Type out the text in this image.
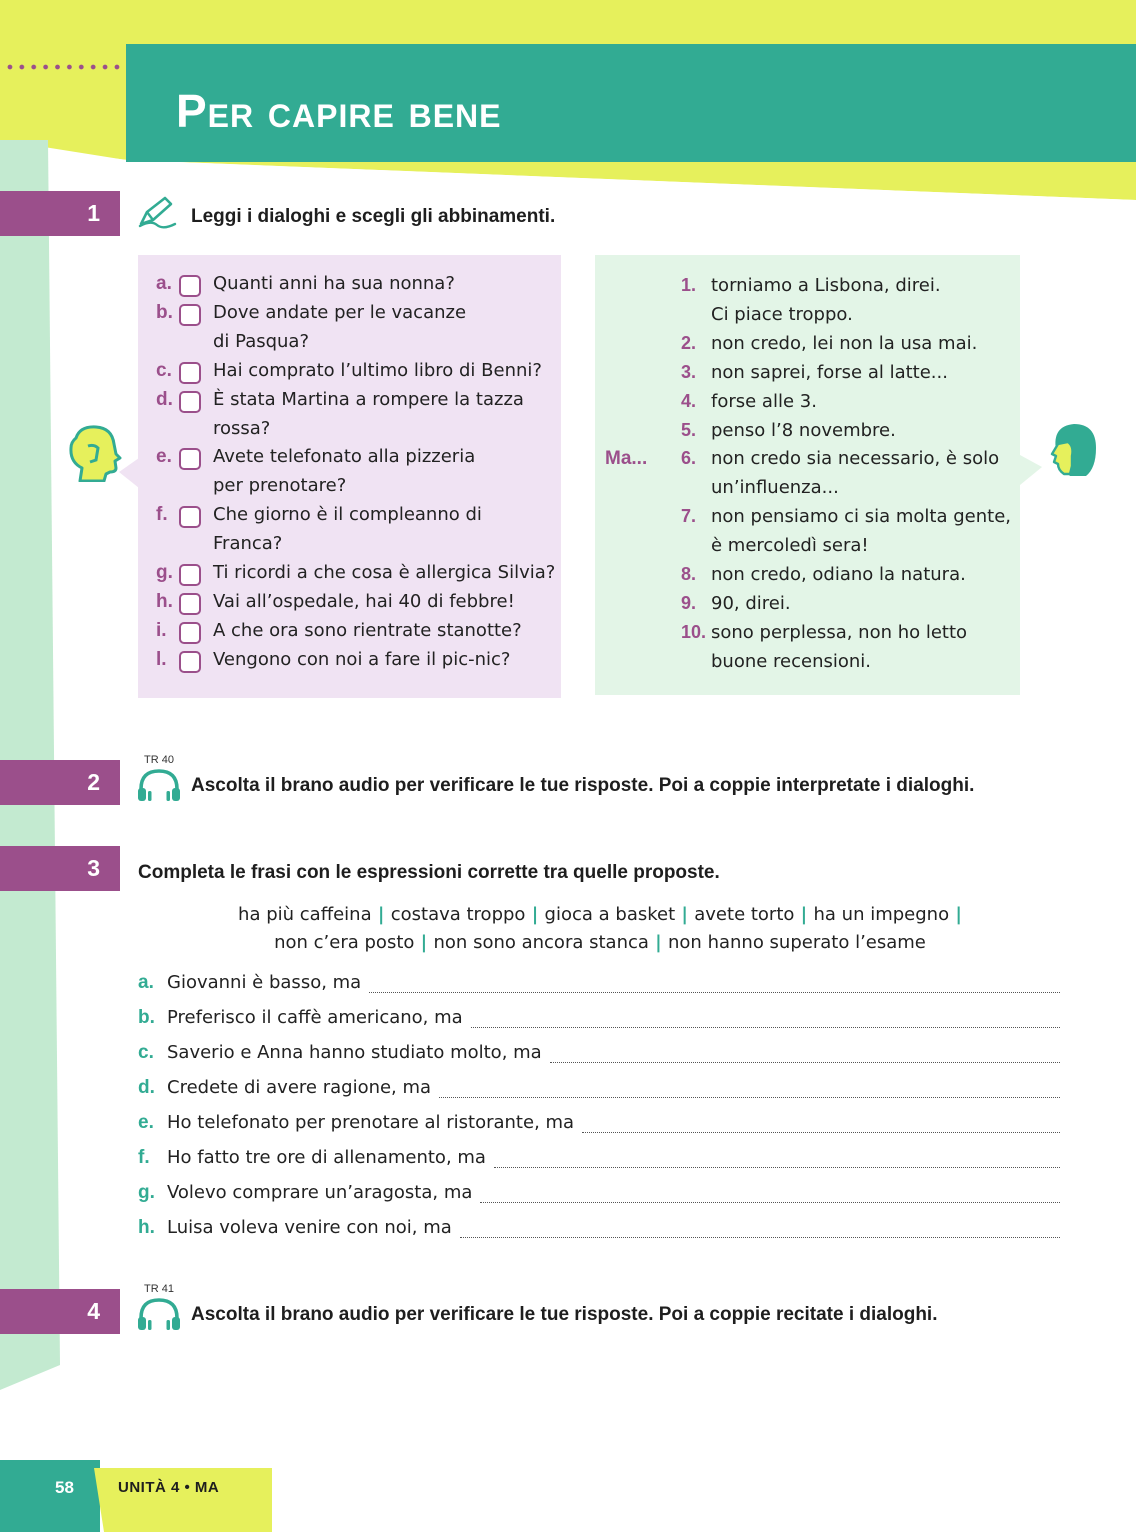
Per capire bene
1	Leggi i dialoghi e scegli gli abbinamenti.
a. Quanti anni ha sua nonna?
b. Dove andate per le vacanze
di Pasqua?
c. Hai comprato l’ultimo libro di Benni?
d. È stata Martina a rompere la tazza
rossa?
e. Avete telefonato alla pizzeria
per prenotare?
f.	Che giorno è il compleanno di
Franca?
g. Ti ricordi a che cosa è allergica Silvia?
h. Vai all’ospedale, hai 40 di febbre!
i.	A che ora sono rientrate stanotte?
l.	Vengono con noi a fare il pic-nic?
1. torniamo a Lisbona, direi.
Ci piace troppo.
2. non credo, lei non la usa mai.
3. non saprei, forse al latte...
4. forse alle 3.
5. penso l’8 novembre.
6. non credo sia necessario, è solo
un’influenza...
7. non pensiamo ci sia molta gente,
è mercoledì sera!
8. non credo, odiano la natura.
9. 90, direi.
10. sono perplessa, non ho letto
buone recensioni.
Ma...
TR 40
2	Ascolta il brano audio per verificare le tue risposte. Poi a coppie interpretate i dialoghi.
3	Completa le frasi con le espressioni corrette tra quelle proposte.
ha più caffeina | costava troppo | gioca a basket | avete torto | ha un impegno |
non c’era posto | non sono ancora stanca | non hanno superato l’esame
a. Giovanni è basso, ma
b. Preferisco il caffè americano, ma
c. Saverio e Anna hanno studiato molto, ma
d. Credete di avere ragione, ma
e. Ho telefonato per prenotare al ristorante, ma
f. Ho fatto tre ore di allenamento, ma
g. Volevo comprare un’aragosta, ma
h. Luisa voleva venire con noi, ma
TR 41
4	Ascolta il brano audio per verificare le tue risposte. Poi a coppie recitate i dialoghi.
58	UNITÀ 4 • MA
